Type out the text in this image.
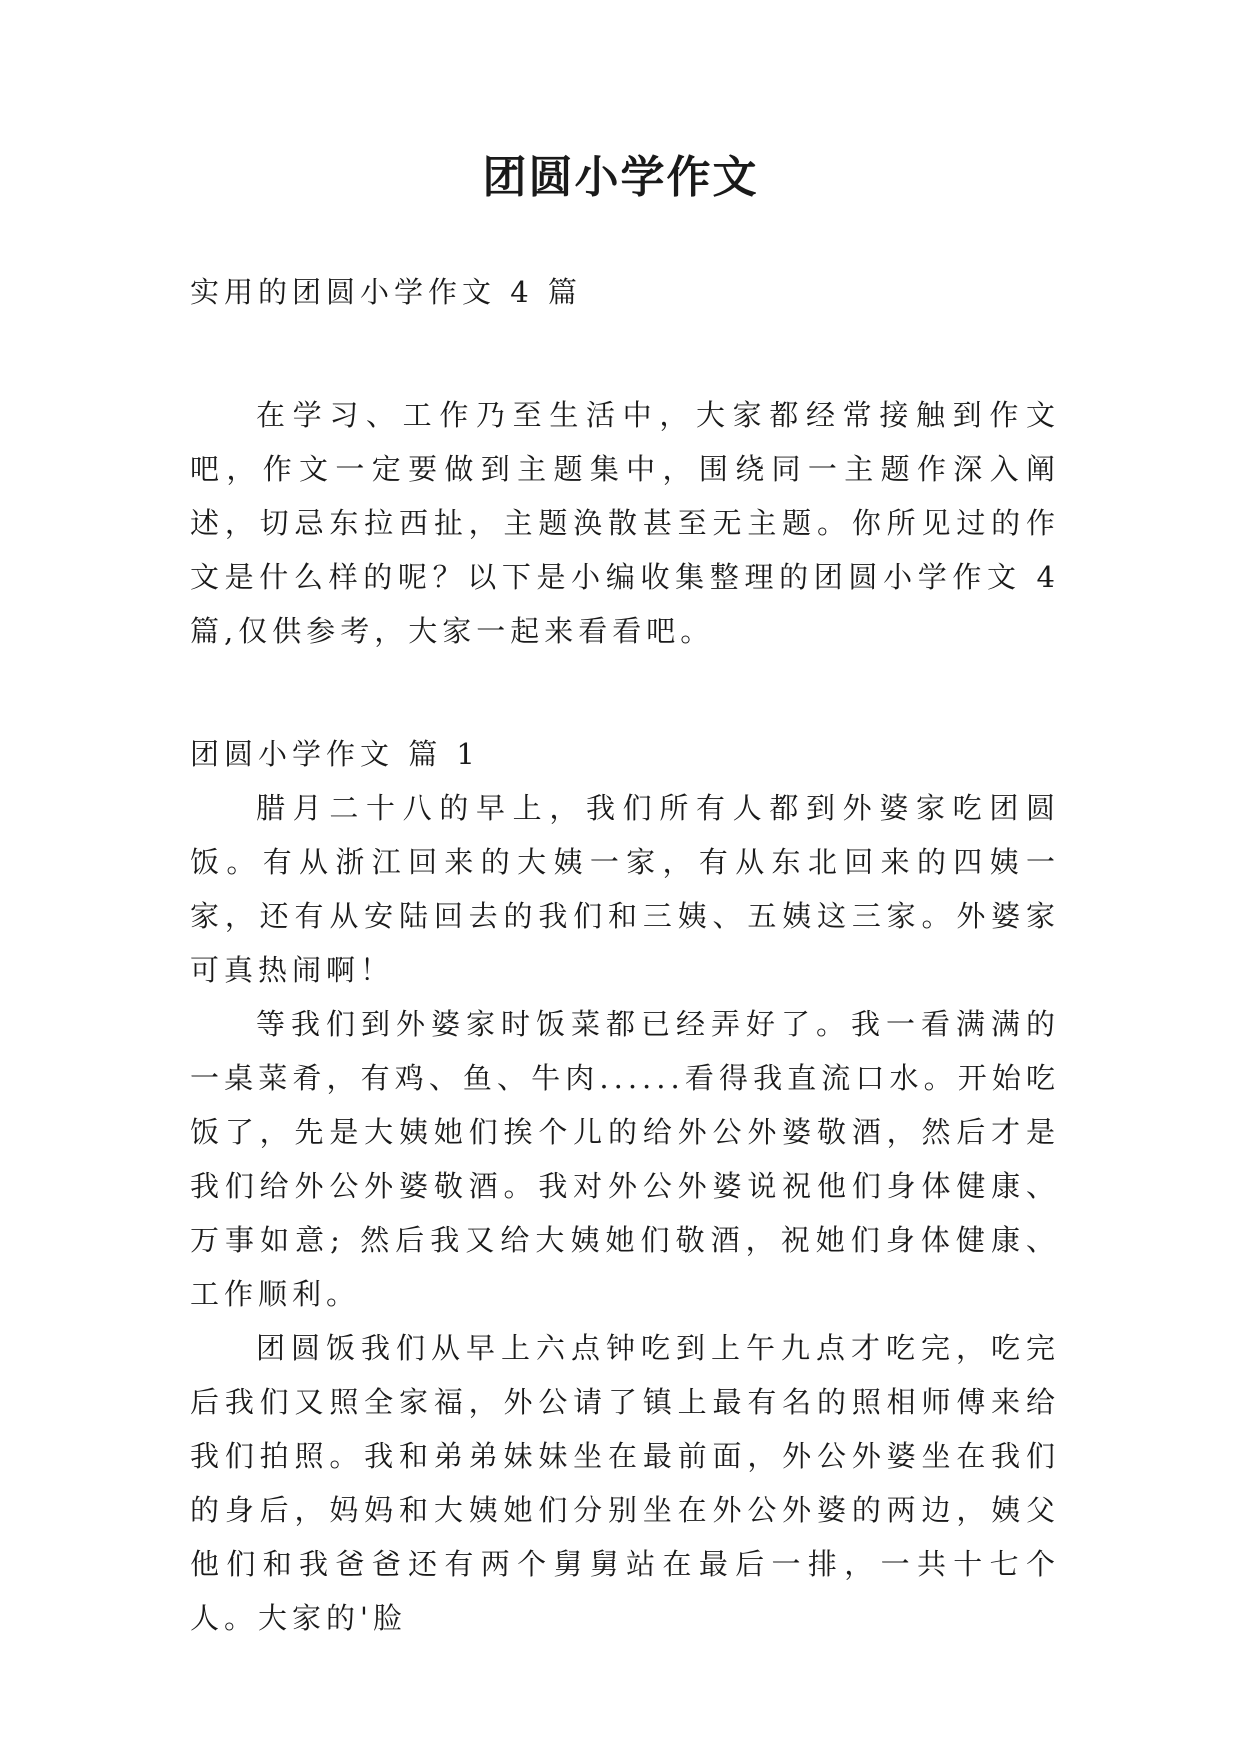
团圆小学作文

实用的团圆小学作文 4 篇

在学习、工作乃至生活中，大家都经常接触到作文吧，作文一定要做到主题集中，围绕同一主题作深入阐述，切忌东拉西扯，主题涣散甚至无主题。你所见过的作文是什么样的呢？以下是小编收集整理的团圆小学作文 4 篇,仅供参考，大家一起来看看吧。

团圆小学作文 篇 1

腊月二十八的早上，我们所有人都到外婆家吃团圆饭。有从浙江回来的大姨一家，有从东北回来的四姨一家，还有从安陆回去的我们和三姨、五姨这三家。外婆家可真热闹啊！

等我们到外婆家时饭菜都已经弄好了。我一看满满的一桌菜肴，有鸡、鱼、牛肉......看得我直流口水。开始吃饭了，先是大姨她们挨个儿的给外公外婆敬酒，然后才是我们给外公外婆敬酒。我对外公外婆说祝他们身体健康、万事如意; 然后我又给大姨她们敬酒，祝她们身体健康、工作顺利。

团圆饭我们从早上六点钟吃到上午九点才吃完，吃完后我们又照全家福，外公请了镇上最有名的照相师傅来给我们拍照。我和弟弟妹妹坐在最前面，外公外婆坐在我们的身后，妈妈和大姨她们分别坐在外公外婆的两边，姨父他们和我爸爸还有两个舅舅站在最后一排，一共十七个人。大家的'脸
